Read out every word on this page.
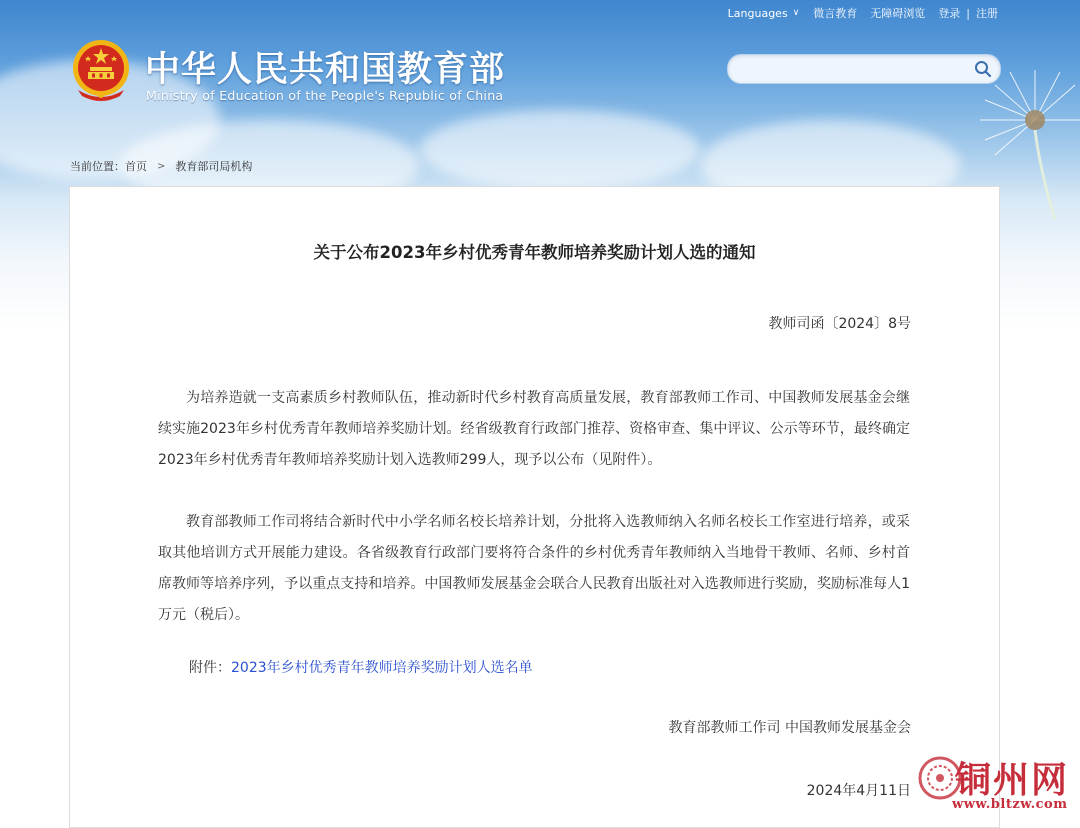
Languages ∨ 微言教育 无障碍浏览 登录 | 注册
中华人民共和国教育部
Ministry of Education of the People's Republic of China
当前位置： 首页 > 教育部司局机构
关于公布2023年乡村优秀青年教师培养奖励计划人选的通知
教师司函〔2024〕8号
为培养造就一支高素质乡村教师队伍，推动新时代乡村教育高质量发展，教育部教师工作司、中国教师发展基金会继续实施2023年乡村优秀青年教师培养奖励计划。经省级教育行政部门推荐、资格审查、集中评议、公示等环节，最终确定2023年乡村优秀青年教师培养奖励计划入选教师299人，现予以公布（见附件）。
教育部教师工作司将结合新时代中小学名师名校长培养计划，分批将入选教师纳入名师名校长工作室进行培养，或采取其他培训方式开展能力建设。各省级教育行政部门要将符合条件的乡村优秀青年教师纳入当地骨干教师、名师、乡村首席教师等培养序列，予以重点支持和培养。中国教师发展基金会联合人民教育出版社对入选教师进行奖励，奖励标准每人1万元（税后）。
附件：2023年乡村优秀青年教师培养奖励计划人选名单
教育部教师工作司 中国教师发展基金会
2024年4月11日 铜州网
www.bltzw.com
